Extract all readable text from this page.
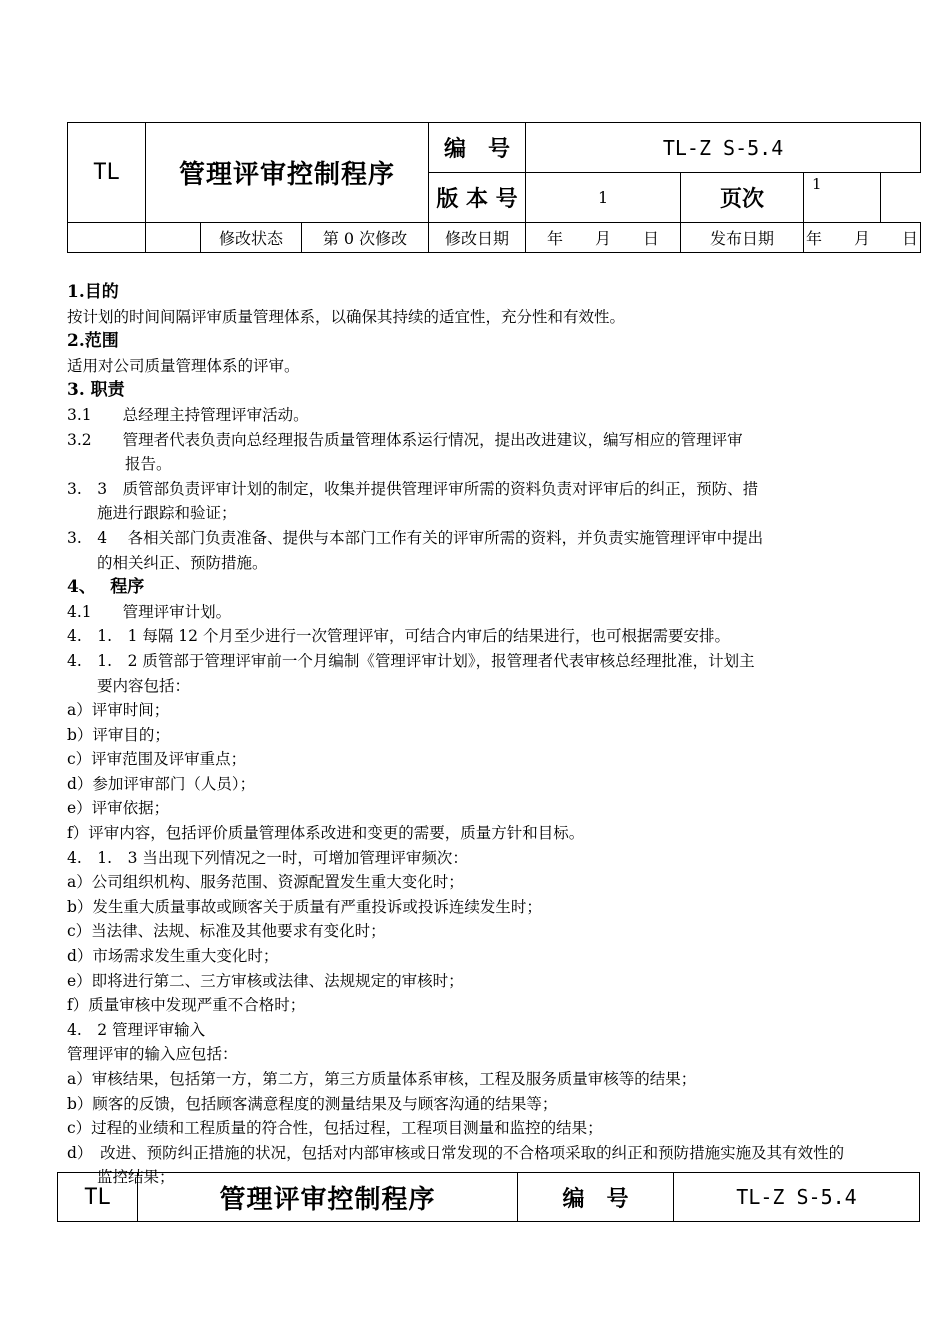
TL	管理评审控制程序			编　号	TL-Z S-5.4		
				版 本 号	1	页次	1

		修改状态	第 0 次修改	修改日期	年　　月　　日	发布日期	年　　月　　日
1.目的
按计划的时间间隔评审质量管理体系，以确保其持续的适宜性，充分性和有效性。
2.范围
适用对公司质量管理体系的评审。
3. 职责
3.1　　总经理主持管理评审活动。
3.2　　管理者代表负责向总经理报告质量管理体系运行情况，提出改进建议，编写相应的管理评审
报告。
3.　3　质管部负责评审计划的制定，收集并提供管理评审所需的资料负责对评审后的纠正，预防、措
施进行跟踪和验证；
3.　4　 各相关部门负责准备、提供与本部门工作有关的评审所需的资料，并负责实施管理评审中提出
的相关纠正、预防措施。
4、　 程序
4.1　　管理评审计划。
4.　1.　1 每隔 12 个月至少进行一次管理评审，可结合内审后的结果进行，也可根据需要安排。
4.　1.　2 质管部于管理评审前一个月编制《管理评审计划》，报管理者代表审核总经理批准，计划主
要内容包括：
a）评审时间；
b）评审目的；
c）评审范围及评审重点；
d）参加评审部门（人员）；
e）评审依据；
f）评审内容，包括评价质量管理体系改进和变更的需要，质量方针和目标。
4.　1.　3 当出现下列情况之一时，可增加管理评审频次：
a）公司组织机构、服务范围、资源配置发生重大变化时；
b）发生重大质量事故或顾客关于质量有严重投诉或投诉连续发生时；
c）当法律、法规、标准及其他要求有变化时；
d）市场需求发生重大变化时；
e）即将进行第二、三方审核或法律、法规规定的审核时；
f）质量审核中发现严重不合格时；
4.　2 管理评审输入
管理评审的输入应包括：
a）审核结果，包括第一方，第二方，第三方质量体系审核，工程及服务质量审核等的结果；
b）顾客的反馈，包括顾客满意程度的测量结果及与顾客沟通的结果等；
c）过程的业绩和工程质量的符合性，包括过程，工程项目测量和监控的结果；
d）　改进、预防纠正措施的状况，包括对内部审核或日常发现的不合格项采取的纠正和预防措施实施及其有效性的
监控结果；
TL	管理评审控制程序	编　号	TL-Z S-5.4
